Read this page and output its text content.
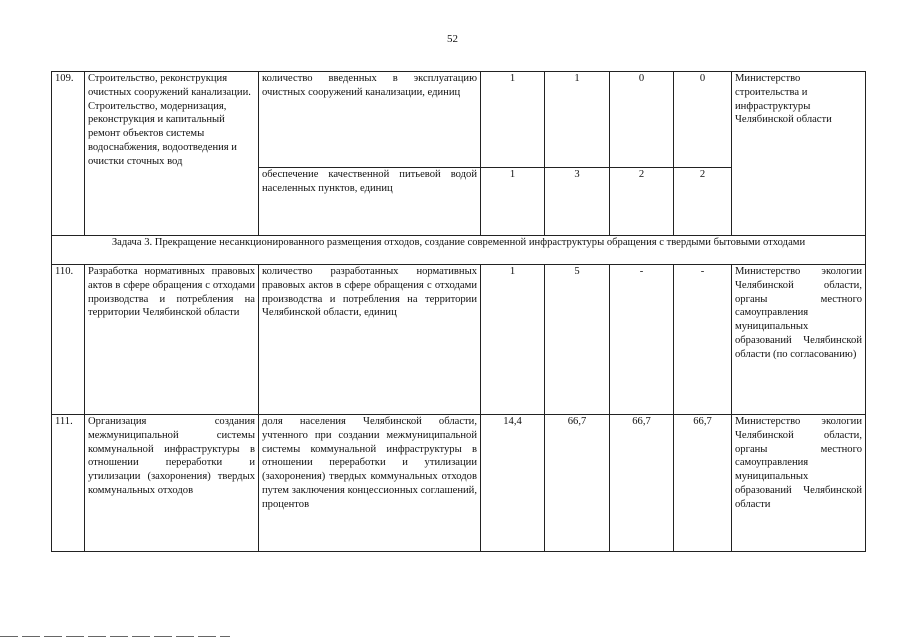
52
109.	Строительство, реконструкция очистных сооружений канализации. Строительство, модернизация, реконструкция и капитальный ремонт объектов системы водоснабжения, водоотведения и очистки сточных вод	количество введенных в эксплуатацию очистных сооружений канализации, единиц	1	1	0	0	Министерство строительства и инфраструктуры Челябинской области
		обеспечение качественной питьевой водой населенных пунктов, единиц	1	3	2	2	
Задача 3. Прекращение несанкционированного размещения отходов, создание современной инфраструктуры обращения с твердыми бытовыми отходами							
110.	Разработка нормативных правовых актов в сфере обращения с отходами производства и потребления на территории Челябинской области	количество разработанных нормативных правовых актов в сфере обращения с отходами производства и потребления на территории Челябинской области, единиц	1	5	-	-	Министерство экологии Челябинской области, органы местного самоуправления муниципальных образований Челябинской области (по согласованию)
111.	Организация создания межмуниципальной системы коммунальной инфраструктуры в отношении переработки и утилизации (захоронения) твердых коммунальных отходов	доля населения Челябинской области, учтенного при создании межмуниципальной системы коммунальной инфраструктуры в отношении переработки и утилизации (захоронения) твердых коммунальных отходов путем заключения концессионных соглашений, процентов	14,4	66,7	66,7	66,7	Министерство экологии Челябинской области, органы местного самоуправления муниципальных образований Челябинской области
